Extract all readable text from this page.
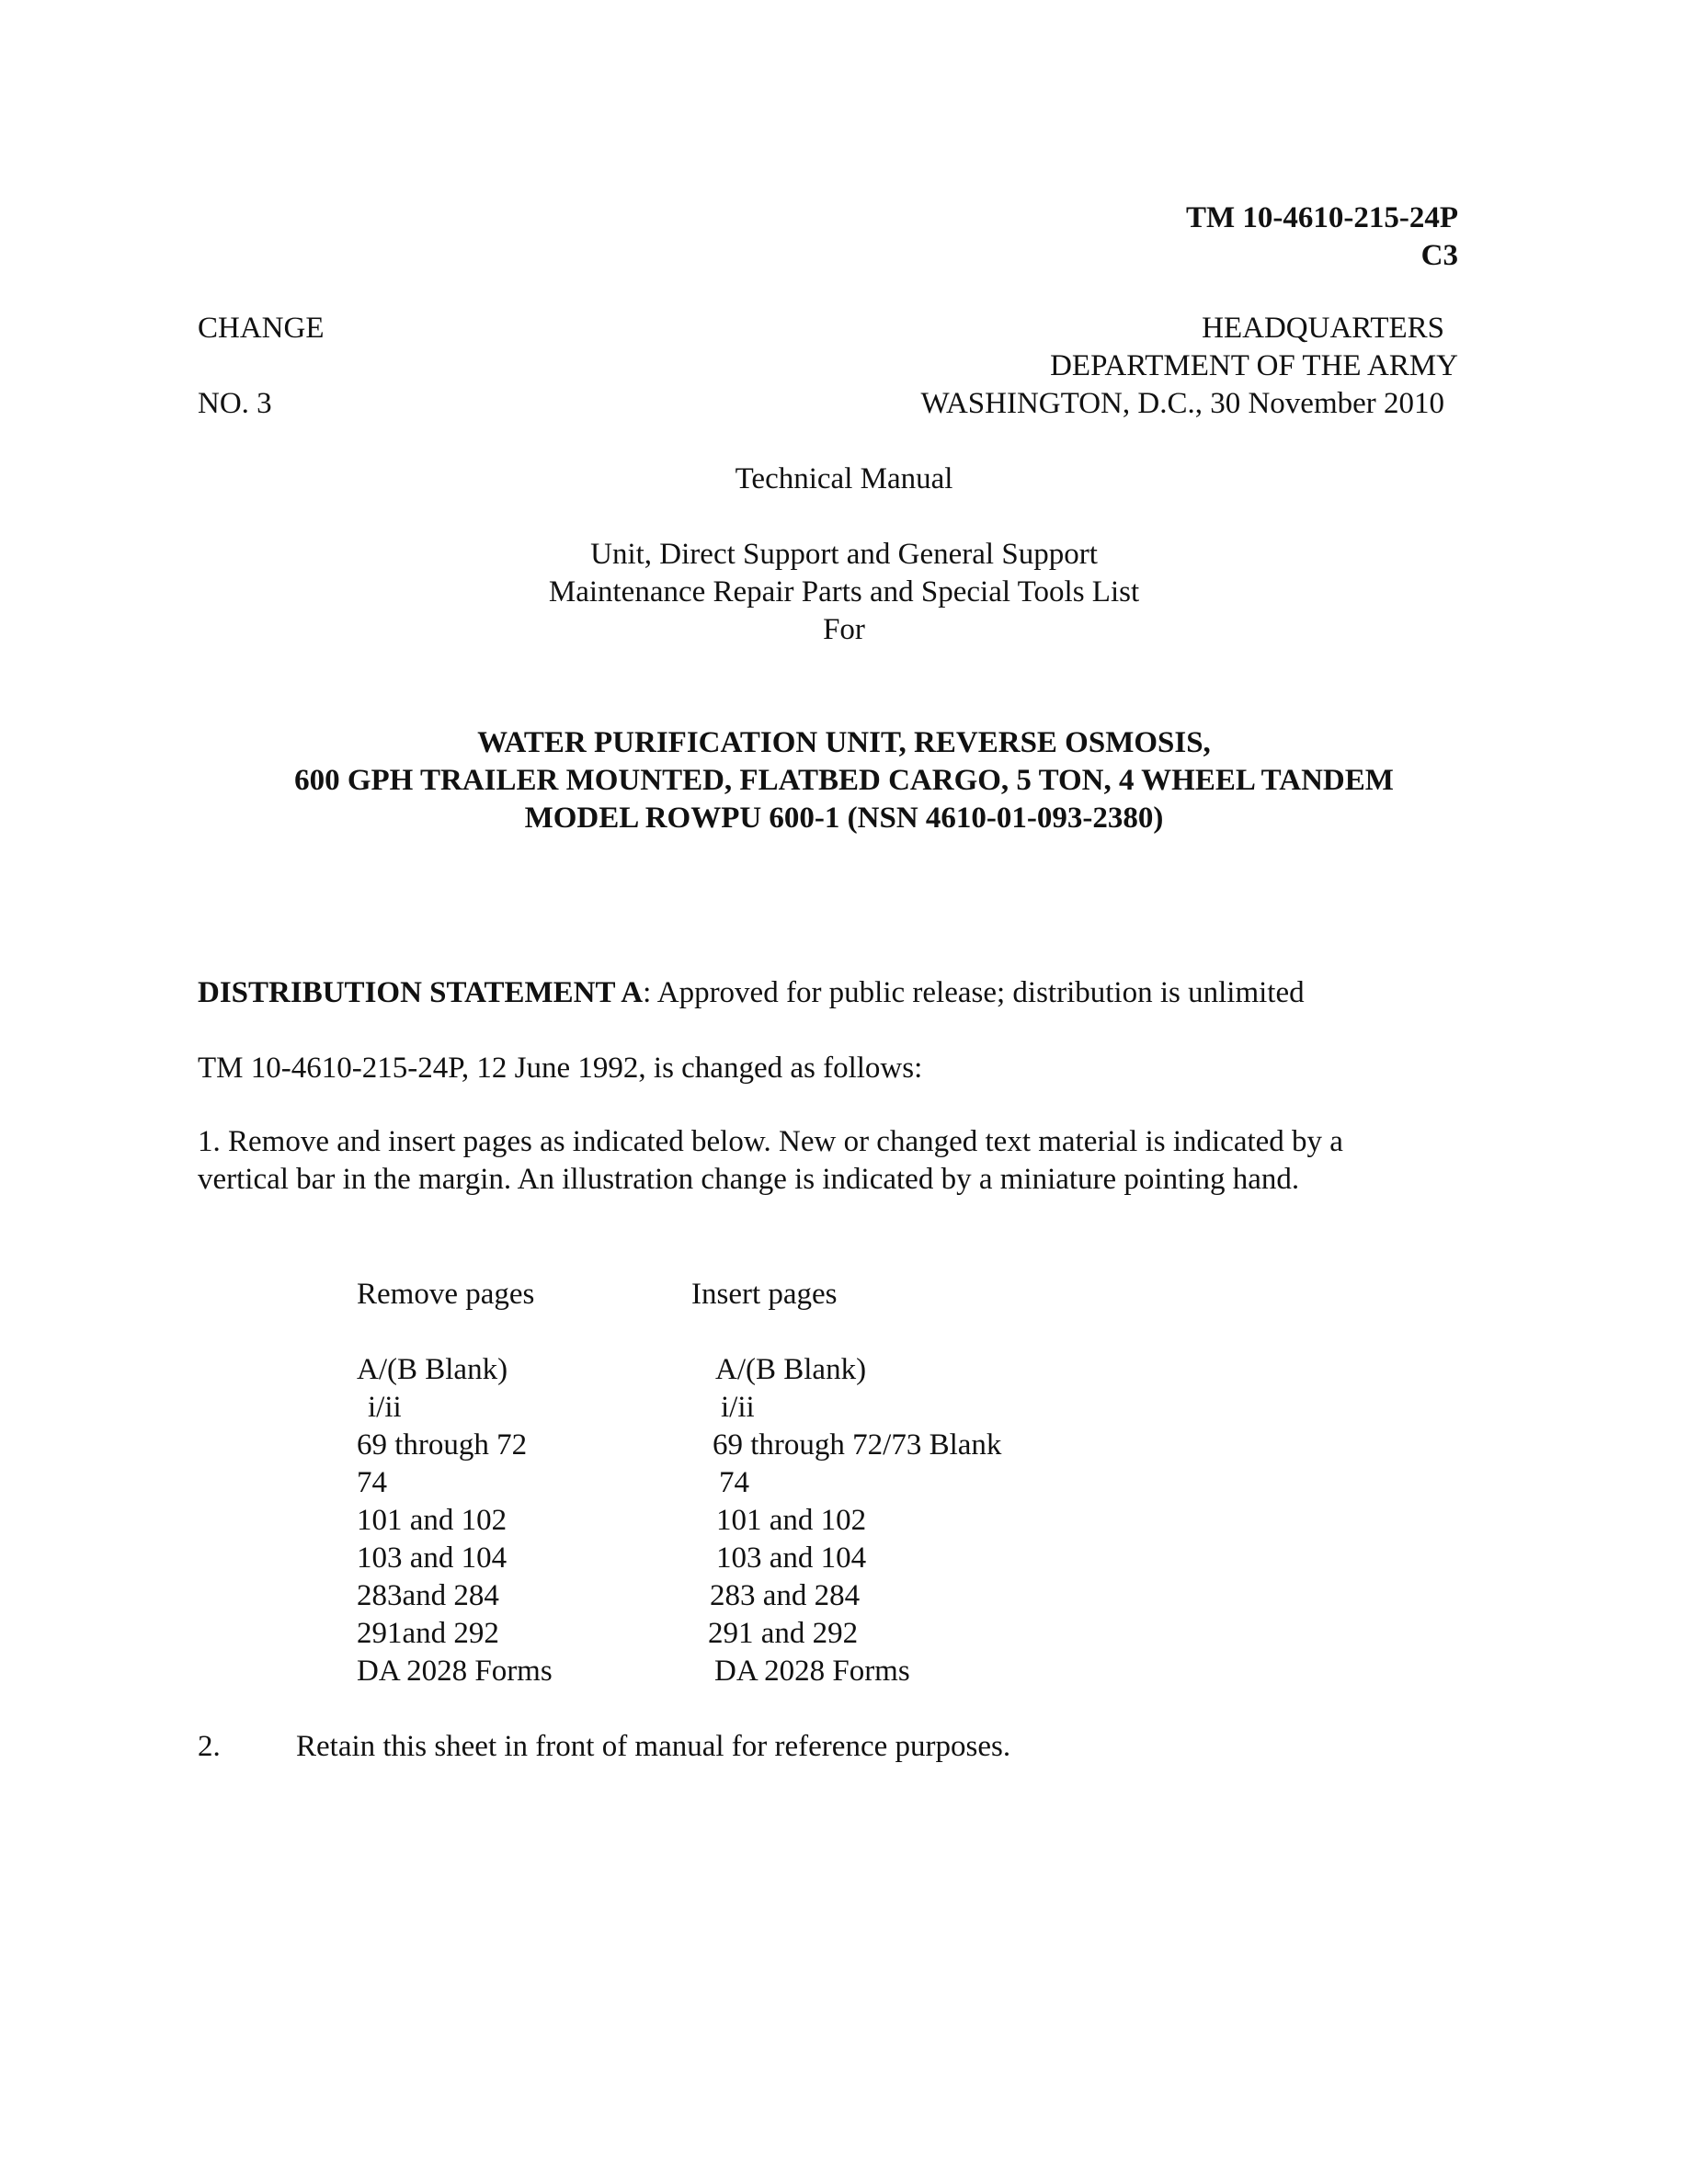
TM 10-4610-215-24P
C3
CHANGE
NO. 3
HEADQUARTERS
DEPARTMENT OF THE ARMY
WASHINGTON, D.C., 30 November 2010
Technical Manual
Unit, Direct Support and General Support
Maintenance Repair Parts and Special Tools List
For
WATER PURIFICATION UNIT, REVERSE OSMOSIS,
600 GPH TRAILER MOUNTED, FLATBED CARGO, 5 TON, 4 WHEEL TANDEM
MODEL ROWPU 600-1 (NSN 4610-01-093-2380)
DISTRIBUTION STATEMENT A: Approved for public release; distribution is unlimited
TM 10-4610-215-24P, 12 June 1992, is changed as follows:
1. Remove and insert pages as indicated below. New or changed text material is indicated by a vertical bar in the margin. An illustration change is indicated by a miniature pointing hand.
Remove pages	Insert pages
A/(B Blank)	A/(B Blank)
i/ii	i/ii
69 through 72	69 through 72/73 Blank
74	74
101 and 102	101 and 102
103 and 104	103 and 104
283and 284	283 and 284
291and 292	291 and 292
DA 2028 Forms	DA 2028 Forms
2. Retain this sheet in front of manual for reference purposes.
